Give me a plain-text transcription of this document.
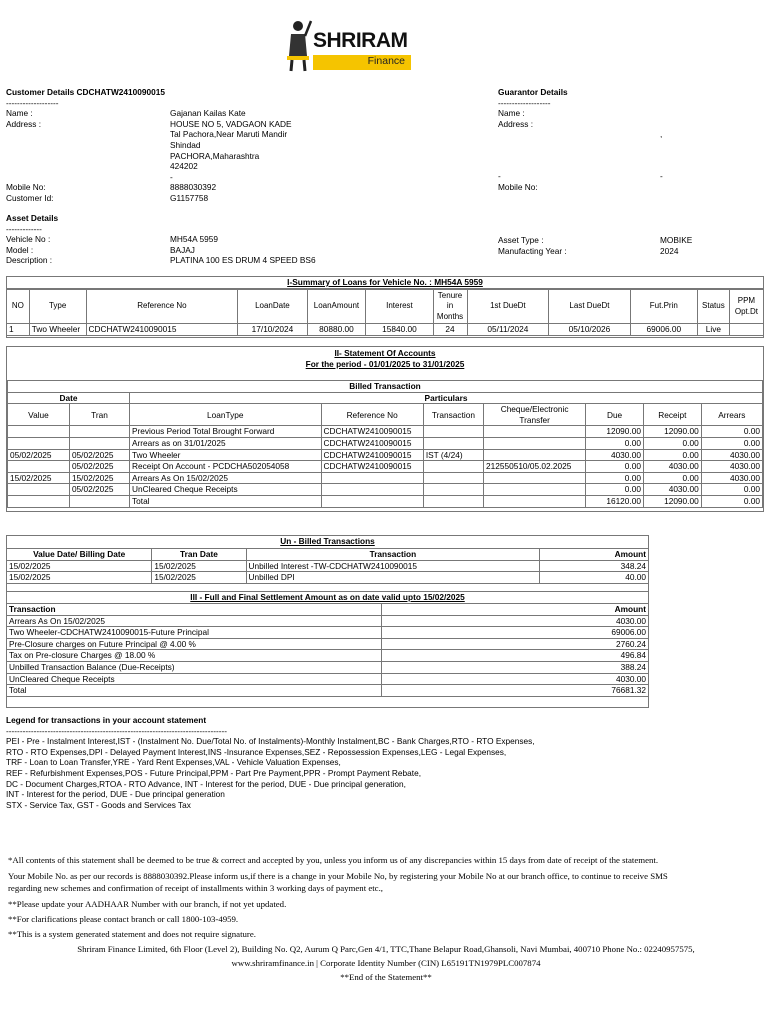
SHRIRAM
Finance
Customer Details CDCHATW2410090015
-------------------
Name :	Gajanan Kailas Kate
Address :	HOUSE NO 5, VADGAON KADE
Tal Pachora,Near Maruti Mandir
Shindad
PACHORA,Maharashtra
424202
-
Mobile No:	8888030392
Customer Id:	G1157758
Guarantor Details
-------------------
Name :
Address :
,
-	-
Mobile No:
Asset Details
-------------
Vehicle No :	MH54A 5959
Model :	BAJAJ
Description :	PLATINA 100 ES DRUM 4 SPEED BS6
Asset Type :	MOBIKE
Manufacting Year :	2024
I-Summary of Loans for Vehicle No. : MH54A 5959
NO	Type	Reference No	LoanDate	LoanAmount	Interest	Tenure in Months	1st DueDt	Last DueDt	Fut.Prin	Status	PPM Opt.Dt
1	Two Wheeler	CDCHATW2410090015	17/10/2024	80880.00	15840.00	24	05/11/2024	05/10/2026	69006.00	Live	
II- Statement Of Accounts
For the period - 01/01/2025 to 31/01/2025
Billed Transaction								
Date		Particulars						
Value	Tran	LoanType	Reference No	Transaction	Cheque/Electronic Transfer	Due	Receipt	Arrears
		Previous Period Total Brought Forward	CDCHATW2410090015			12090.00	12090.00	0.00
		Arrears as on 31/01/2025	CDCHATW2410090015			0.00	0.00	0.00
05/02/2025	05/02/2025	Two Wheeler	CDCHATW2410090015	IST (4/24)		4030.00	0.00	4030.00
	05/02/2025	Receipt On Account - PCDCHA502054058	CDCHATW2410090015		212550510/05.02.2025	0.00	4030.00	4030.00
15/02/2025	15/02/2025	Arrears As On 15/02/2025				0.00	0.00	4030.00
	05/02/2025	UnCleared Cheque Receipts				0.00	4030.00	0.00
		Total				16120.00	12090.00	0.00
Un - Billed Transactions
Value Date/ Billing Date	Tran Date	Transaction	Amount
15/02/2025	15/02/2025	Unbilled Interest -TW-CDCHATW2410090015	348.24
15/02/2025	15/02/2025	Unbilled DPI	40.00
III - Full and Final Settlement Amount as on date valid upto 15/02/2025
Transaction	Amount
Arrears As On 15/02/2025	4030.00
Two Wheeler-CDCHATW2410090015-Future Principal	69006.00
Pre-Closure charges on Future Principal @ 4.00 %	2760.24
Tax on Pre-closure Charges @ 18.00 %	496.84
Unbilled Transaction Balance (Due-Receipts)	388.24
UnCleared Cheque Receipts	4030.00
Total	76681.32
Legend for transactions in your account statement
--------------------------------------------------------------------------------
PEI - Pre - Instalment Interest,IST - (Instalment No. Due/Total No. of Instalments)-Monthly Instalment,BC - Bank Charges,RTO - RTO Expenses,
RTO - RTO Expenses,DPI - Delayed Payment Interest,INS -Insurance Expenses,SEZ - Repossession Expenses,LEG - Legal Expenses,
TRF - Loan to Loan Transfer,YRE - Yard Rent Expenses,VAL - Vehicle Valuation Expenses,
REF - Refurbishment Expenses,POS - Future Principal,PPM - Part Pre Payment,PPR - Prompt Payment Rebate,
DC - Document Charges,RTOA - RTO Advance, INT - Interest for the period, DUE - Due principal generation,
INT - Interest for the period, DUE - Due principal generation
STX - Service Tax, GST - Goods and Services Tax
*All contents of this statement shall be deemed to be true & correct and accepted by you, unless you inform us of any discrepancies within 15 days from date of receipt of the statement.
Your Mobile No. as per our records is 8888030392.Please inform us,if there is a change in your Mobile No, by registering your Mobile No at our branch office, to continue to receive SMS
regarding new schemes and confirmation of receipt of installments within 3 working days of payment etc.,
**Please update your AADHAAR Number with our branch, if not yet updated.
**For clarifications please contact branch or call 1800-103-4959.
**This is a system generated statement and does not require signature.
Shriram Finance Limited, 6th Floor (Level 2), Building No. Q2, Aurum Q Parc,Gen 4/1, TTC,Thane Belapur Road,Ghansoli, Navi Mumbai, 400710 Phone No.: 02240957575,
www.shriramfinance.in | Corporate Identity Number (CIN) L65191TN1979PLC007874
**End of the Statement**
